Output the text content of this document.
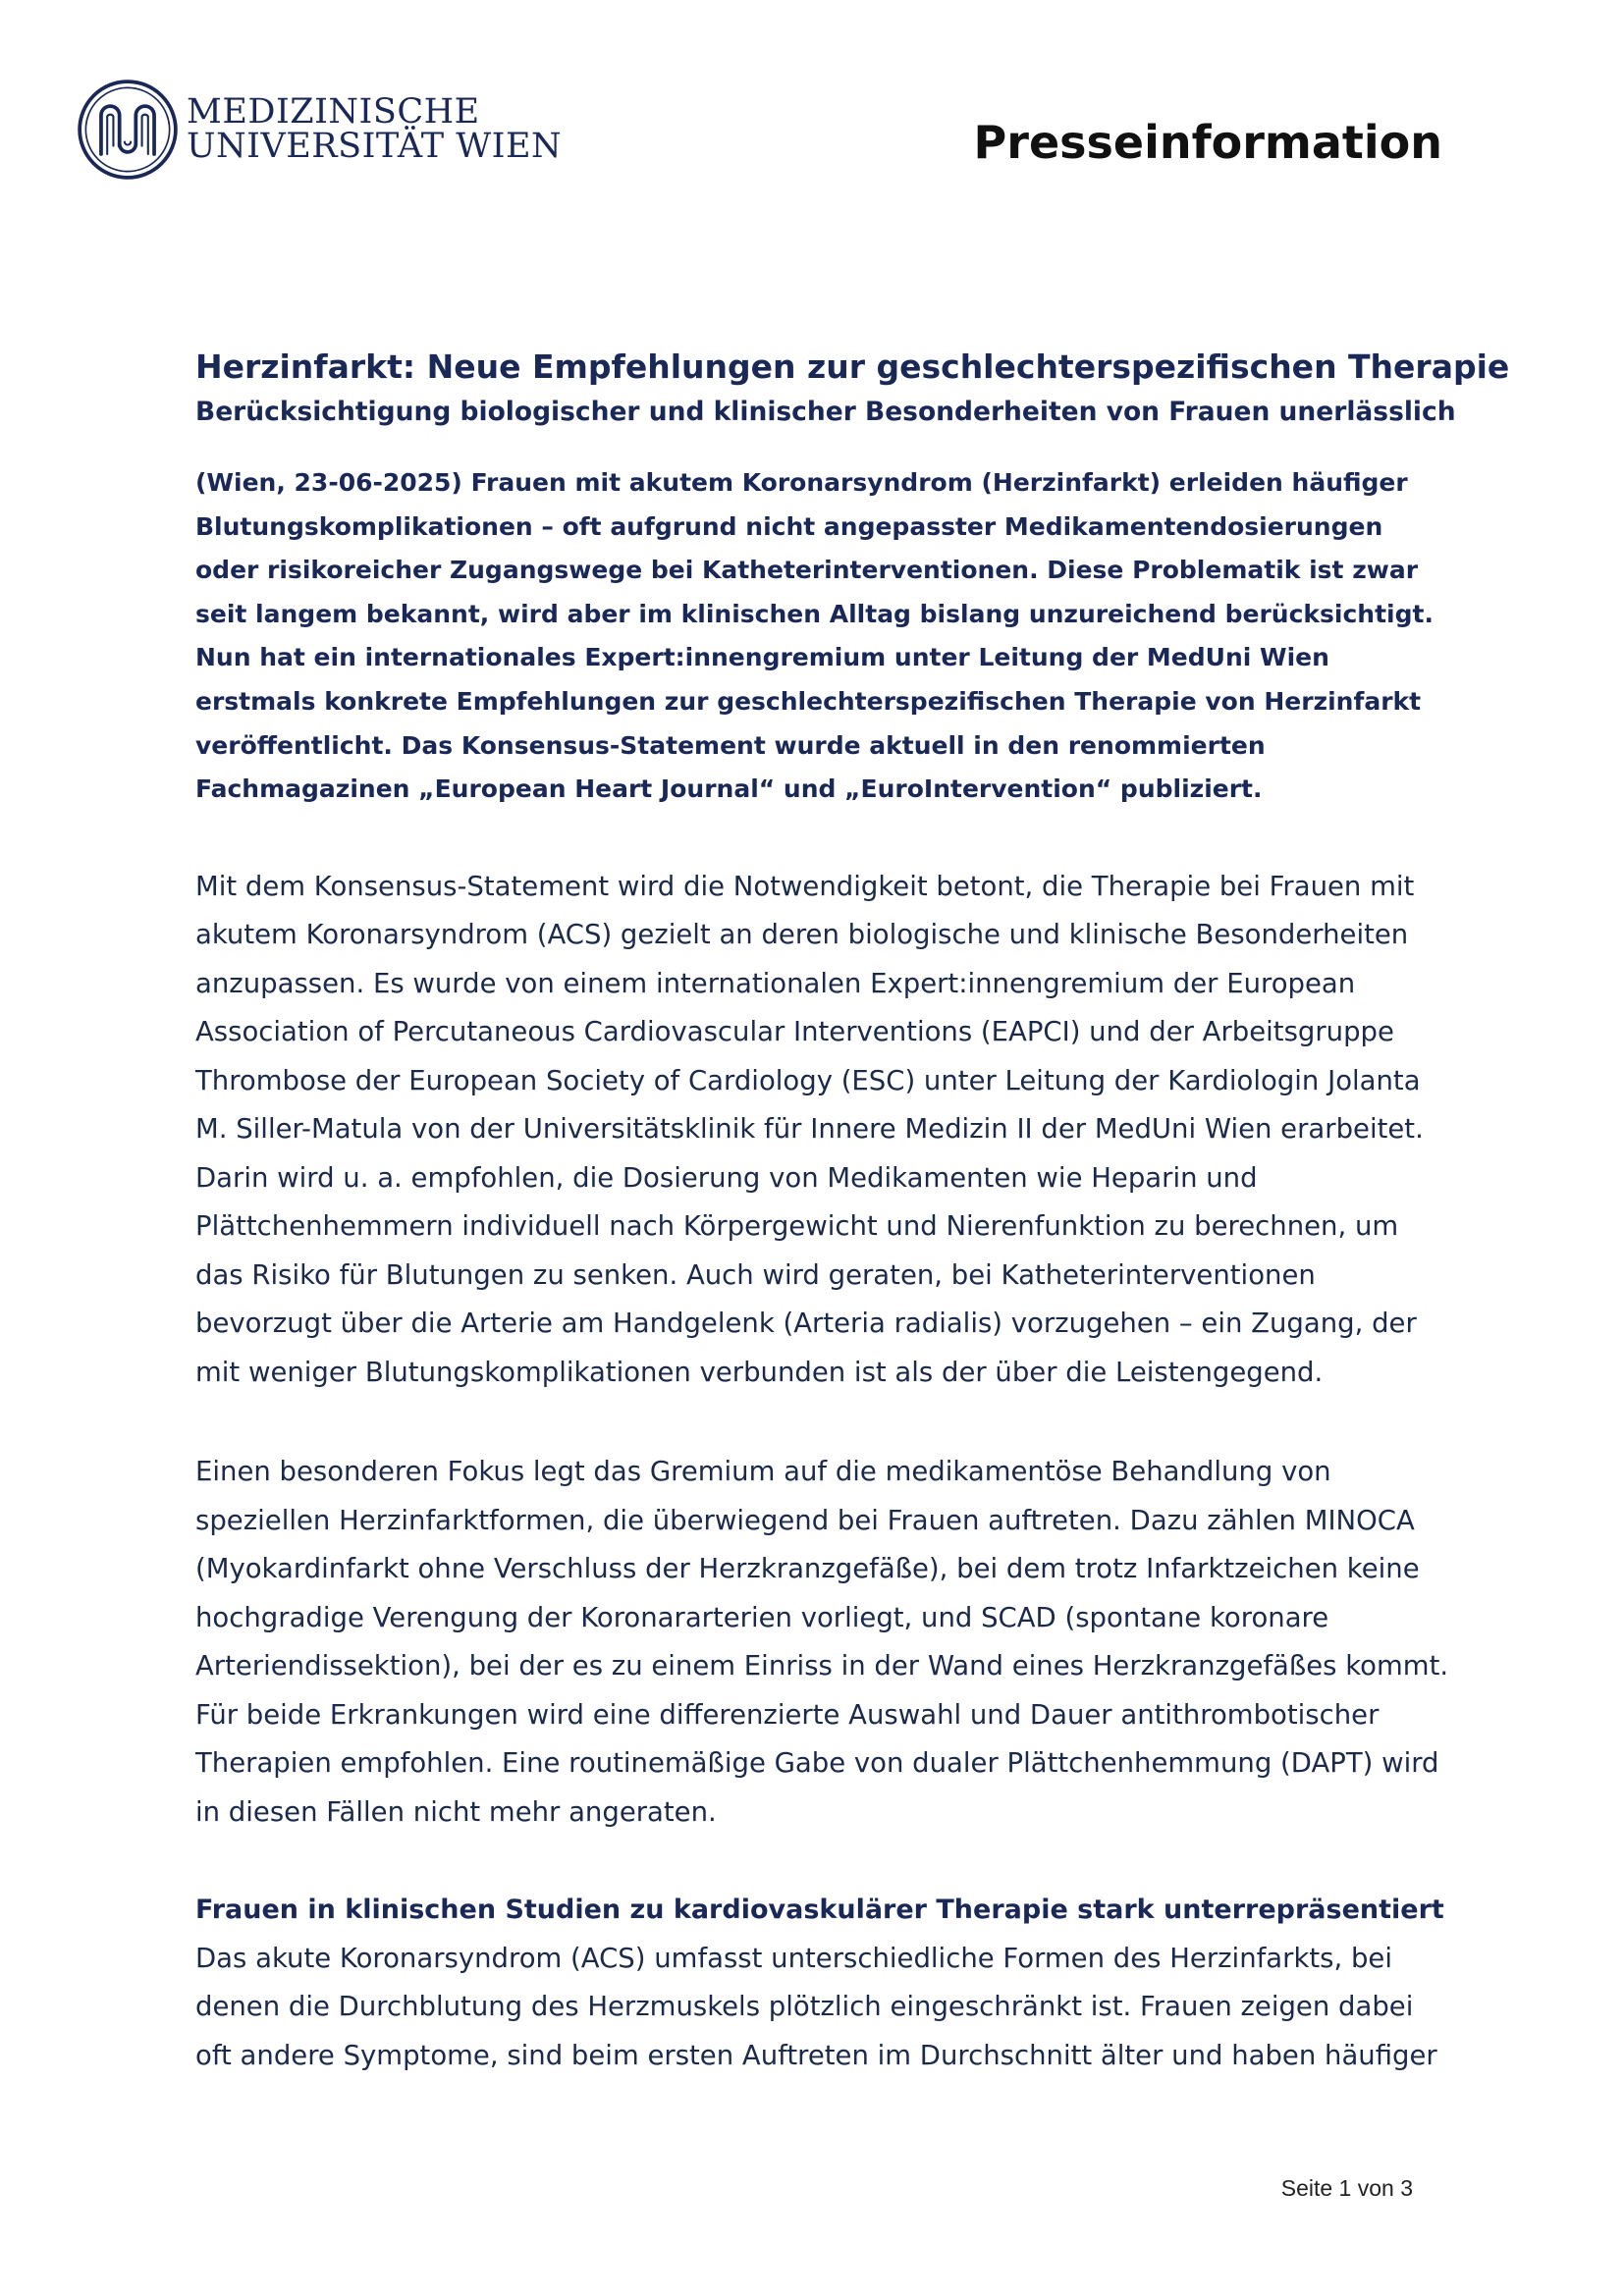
MEDIZINISCHE
UNIVERSITÄT WIEN	Presseinformation
Herzinfarkt: Neue Empfehlungen zur geschlechterspezifischen Therapie
Berücksichtigung biologischer und klinischer Besonderheiten von Frauen unerlässlich

(Wien, 23-06-2025) Frauen mit akutem Koronarsyndrom (Herzinfarkt) erleiden häufiger Blutungskomplikationen – oft aufgrund nicht angepasster Medikamentendosierungen oder risikoreicher Zugangswege bei Katheterinterventionen. Diese Problematik ist zwar seit langem bekannt, wird aber im klinischen Alltag bislang unzureichend berücksichtigt. Nun hat ein internationales Expert:innengremium unter Leitung der MedUni Wien erstmals konkrete Empfehlungen zur geschlechterspezifischen Therapie von Herzinfarkt veröffentlicht. Das Konsensus-Statement wurde aktuell in den renommierten Fachmagazinen „European Heart Journal“ und „EuroIntervention“ publiziert.

Mit dem Konsensus-Statement wird die Notwendigkeit betont, die Therapie bei Frauen mit akutem Koronarsyndrom (ACS) gezielt an deren biologische und klinische Besonderheiten anzupassen. Es wurde von einem internationalen Expert:innengremium der European Association of Percutaneous Cardiovascular Interventions (EAPCI) und der Arbeitsgruppe Thrombose der European Society of Cardiology (ESC) unter Leitung der Kardiologin Jolanta M. Siller-Matula von der Universitätsklinik für Innere Medizin II der MedUni Wien erarbeitet. Darin wird u. a. empfohlen, die Dosierung von Medikamenten wie Heparin und Plättchenhemmern individuell nach Körpergewicht und Nierenfunktion zu berechnen, um das Risiko für Blutungen zu senken. Auch wird geraten, bei Katheterinterventionen bevorzugt über die Arterie am Handgelenk (Arteria radialis) vorzugehen – ein Zugang, der mit weniger Blutungskomplikationen verbunden ist als der über die Leistengegend.

Einen besonderen Fokus legt das Gremium auf die medikamentöse Behandlung von speziellen Herzinfarktformen, die überwiegend bei Frauen auftreten. Dazu zählen MINOCA (Myokardinfarkt ohne Verschluss der Herzkranzgefäße), bei dem trotz Infarktzeichen keine hochgradige Verengung der Koronararterien vorliegt, und SCAD (spontane koronare Arteriendissektion), bei der es zu einem Einriss in der Wand eines Herzkranzgefäßes kommt. Für beide Erkrankungen wird eine differenzierte Auswahl und Dauer antithrombotischer Therapien empfohlen. Eine routinemäßige Gabe von dualer Plättchenhemmung (DAPT) wird in diesen Fällen nicht mehr angeraten.

Frauen in klinischen Studien zu kardiovaskulärer Therapie stark unterrepräsentiert

Das akute Koronarsyndrom (ACS) umfasst unterschiedliche Formen des Herzinfarkts, bei denen die Durchblutung des Herzmuskels plötzlich eingeschränkt ist. Frauen zeigen dabei oft andere Symptome, sind beim ersten Auftreten im Durchschnitt älter und haben häufiger

Seite 1 von 3
